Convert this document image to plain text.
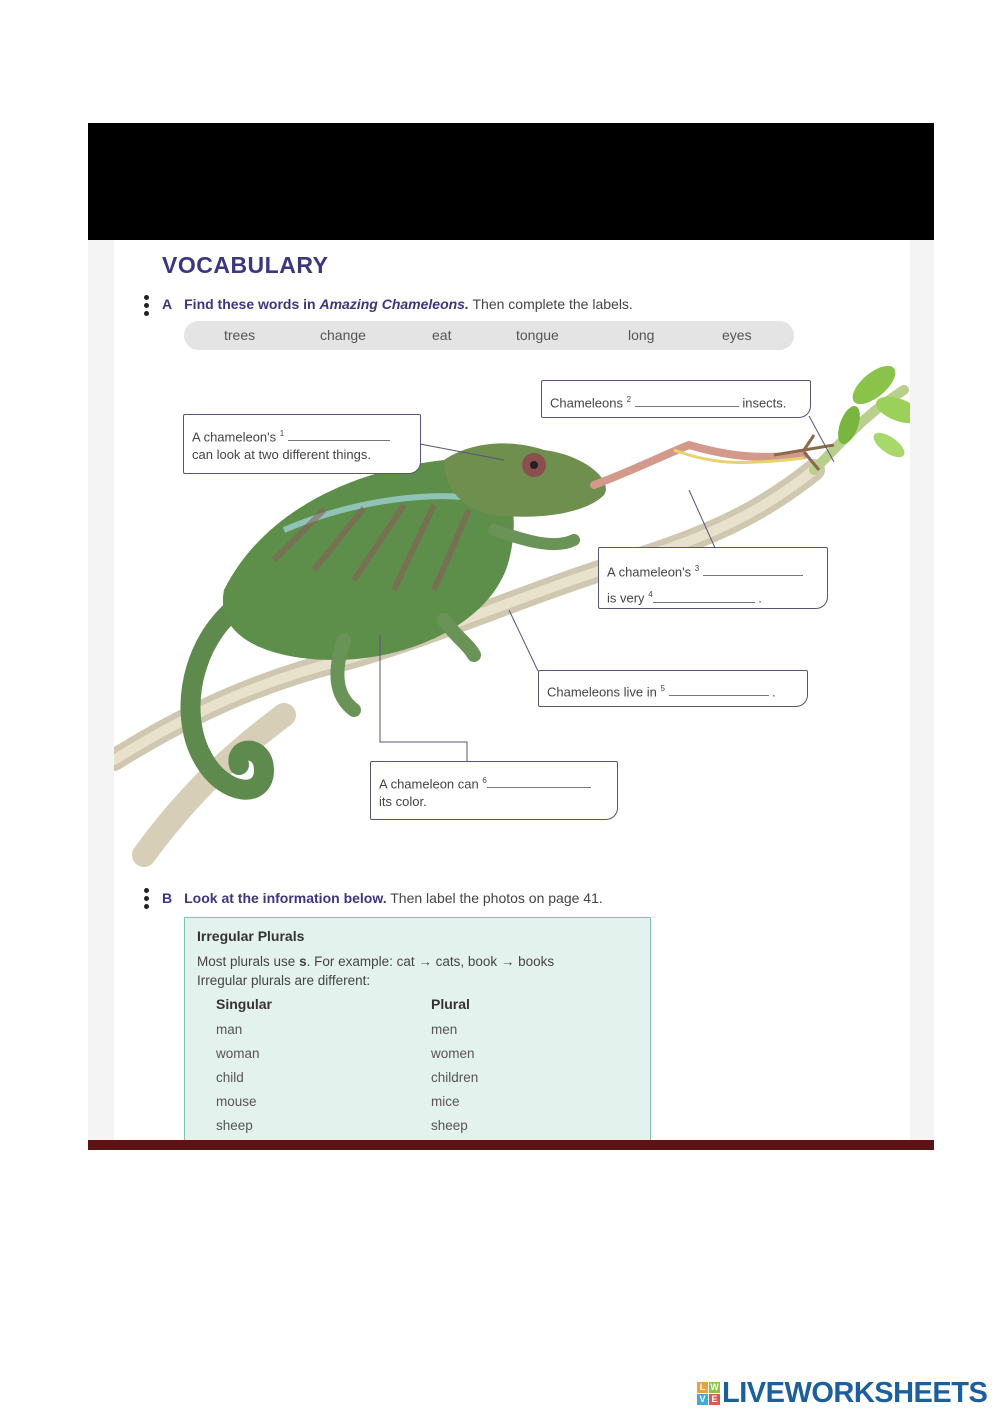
VOCABULARY
A Find these words in Amazing Chameleons. Then complete the labels.
trees	change	eat	tongue	long	eyes
A chameleon's $^1$
can look at two different things.
Chameleons $^2$	insects.
A chameleon's $^3$
is very $^4$	.
Chameleons live in $^5$	.
A chameleon can $^6$
its color.
B Look at the information below. Then label the photos on page 41.
Irregular Plurals
Most plurals use s. For example: cat → cats, book → books
Irregular plurals are different:
Singular	Plural
man	men
woman	women
child	children
mouse	mice
sheep	sheep
L W
V E LIVEWORKSHEETS
